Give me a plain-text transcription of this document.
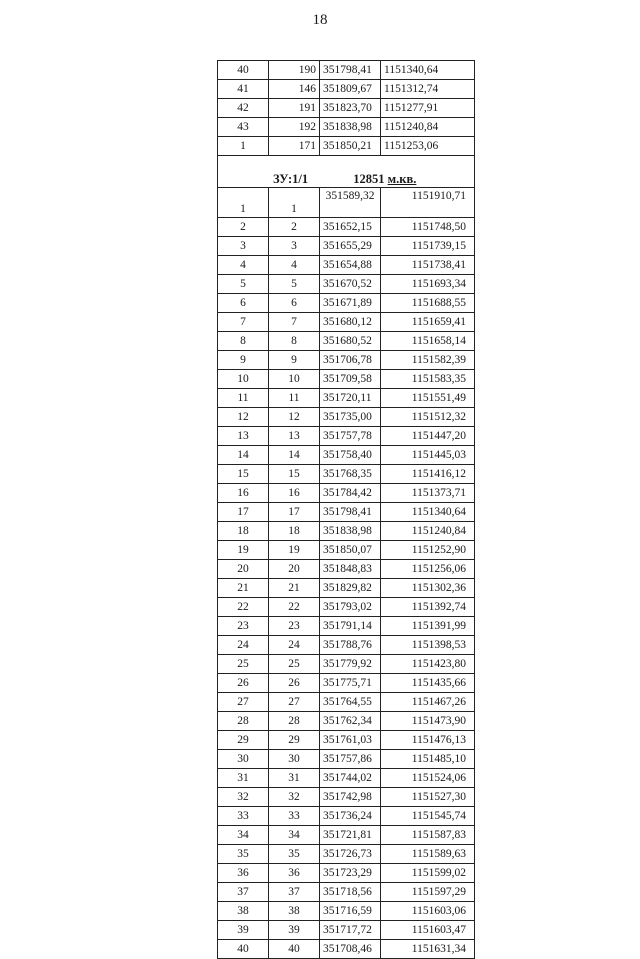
18
40	190	351798,41	1151340,64
41	146	351809,67	1151312,74
42	191	351823,70	1151277,91
43	192	351838,98	1151240,84
1	171	351850,21	1151253,06
ЗУ:1/1 12851 м.кв.			
1	1	351589,32	1151910,71
2	2	351652,15	1151748,50
3	3	351655,29	1151739,15
4	4	351654,88	1151738,41
5	5	351670,52	1151693,34
6	6	351671,89	1151688,55
7	7	351680,12	1151659,41
8	8	351680,52	1151658,14
9	9	351706,78	1151582,39
10	10	351709,58	1151583,35
11	11	351720,11	1151551,49
12	12	351735,00	1151512,32
13	13	351757,78	1151447,20
14	14	351758,40	1151445,03
15	15	351768,35	1151416,12
16	16	351784,42	1151373,71
17	17	351798,41	1151340,64
18	18	351838,98	1151240,84
19	19	351850,07	1151252,90
20	20	351848,83	1151256,06
21	21	351829,82	1151302,36
22	22	351793,02	1151392,74
23	23	351791,14	1151391,99
24	24	351788,76	1151398,53
25	25	351779,92	1151423,80
26	26	351775,71	1151435,66
27	27	351764,55	1151467,26
28	28	351762,34	1151473,90
29	29	351761,03	1151476,13
30	30	351757,86	1151485,10
31	31	351744,02	1151524,06
32	32	351742,98	1151527,30
33	33	351736,24	1151545,74
34	34	351721,81	1151587,83
35	35	351726,73	1151589,63
36	36	351723,29	1151599,02
37	37	351718,56	1151597,29
38	38	351716,59	1151603,06
39	39	351717,72	1151603,47
40	40	351708,46	1151631,34
